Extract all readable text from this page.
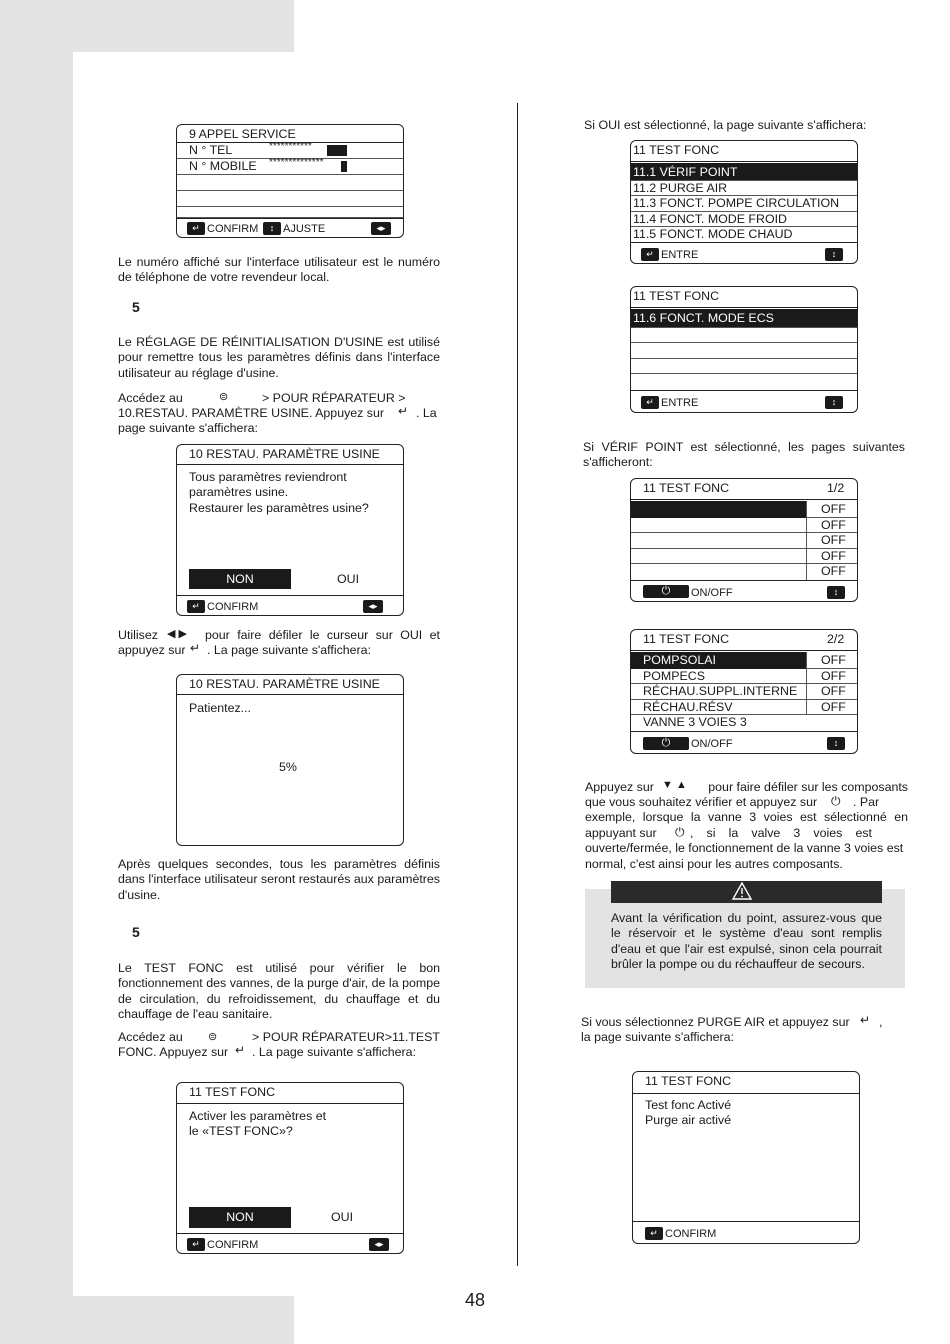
9 APPEL SERVICE
N ° TEL	***********
N ° MOBILE **************
↵ CONFIRM	↕ AJUSTE	◂▸

Le numéro affiché sur l'interface utilisateur est le numéro de téléphone de votre revendeur local.

5

Le RÉGLAGE DE RÉINITIALISATION D'USINE est utilisé pour remettre tous les paramètres définis dans l'interface utilisateur au réglage d'usine.

Accédez au	⊜	> POUR RÉPARATEUR >

10.RESTAU. PARAMÈTRE USINE. Appuyez sur ↵ . La

page suivante s'affichera:

10 RESTAU. PARAMÈTRE USINE
Tous paramètres reviendront
paramètres usine.
Restaurer les paramètres usine?
NON	OUI
↵ CONFIRM	◂▸

Utilisez ◀ ▶ pour faire défiler le curseur sur OUI et

appuyez sur ↵ . La page suivante s'affichera:

10 RESTAU. PARAMÈTRE USINE
Patientez...
5%

Après quelques secondes, tous les paramètres définis dans l'interface utilisateur seront restaurés aux paramètres d'usine.

5

Le TEST FONC est utilisé pour vérifier le bon fonctionnement des vannes, de la purge d'air, de la pompe de circulation, du refroidissement, du chauffage et du chauffage de l'eau sanitaire.

Accédez au ⊜	> POUR RÉPARATEUR>11.TEST

FONC. Appuyez sur ↵ . La page suivante s'affichera:

11 TEST FONC
Activer les paramètres et
le «TEST FONC»?
NON	OUI
↵ CONFIRM	◂▸

Si OUI est sélectionné, la page suivante s'affichera:

11 TEST FONC
11.1 VÉRIF POINT
11.2 PURGE AIR
11.3 FONCT. POMPE CIRCULATION
11.4 FONCT. MODE FROID
11.5 FONCT. MODE CHAUD
↵ ENTRE	↕
11 TEST FONC
11.6 FONCT. MODE ECS
↵ ENTRE	↕

Si VÉRIF POINT est sélectionné, les pages suivantes

s'afficheront:

11 TEST FONC	1/2
OFF
OFF
OFF
OFF
OFF
⏻	ON/OFF	↕
11 TEST FONC	2/2
POMPSOLAI	OFF
POMPECS	OFF
RÉCHAU.SUPPL.INTERNE OFF
RÉCHAU.RÉSV	OFF
VANNE 3 VOIES 3
⏻	ON/OFF	↕

Appuyez sur ▼ ▲	pour faire défiler sur les composants

que vous souhaitez vérifier et appuyez sur ⏻ . Par

exemple, lorsque la vanne 3 voies est sélectionné en

appuyant sur ⏻ , si la valve 3 voies est

ouverte/fermée, le fonctionnement de la vanne 3 voies est

normal, c'est ainsi pour les autres composants.

Avant la vérification du point, assurez-vous que le réservoir et le système d'eau sont remplis d'eau et que l'air est expulsé, sinon cela pourrait brûler la pompe ou du réchauffeur de secours.

Si vous sélectionnez PURGE AIR et appuyez sur ↵ ,

la page suivante s'affichera:

11 TEST FONC
Test fonc Activé
Purge air activé
↵ CONFIRM
48
